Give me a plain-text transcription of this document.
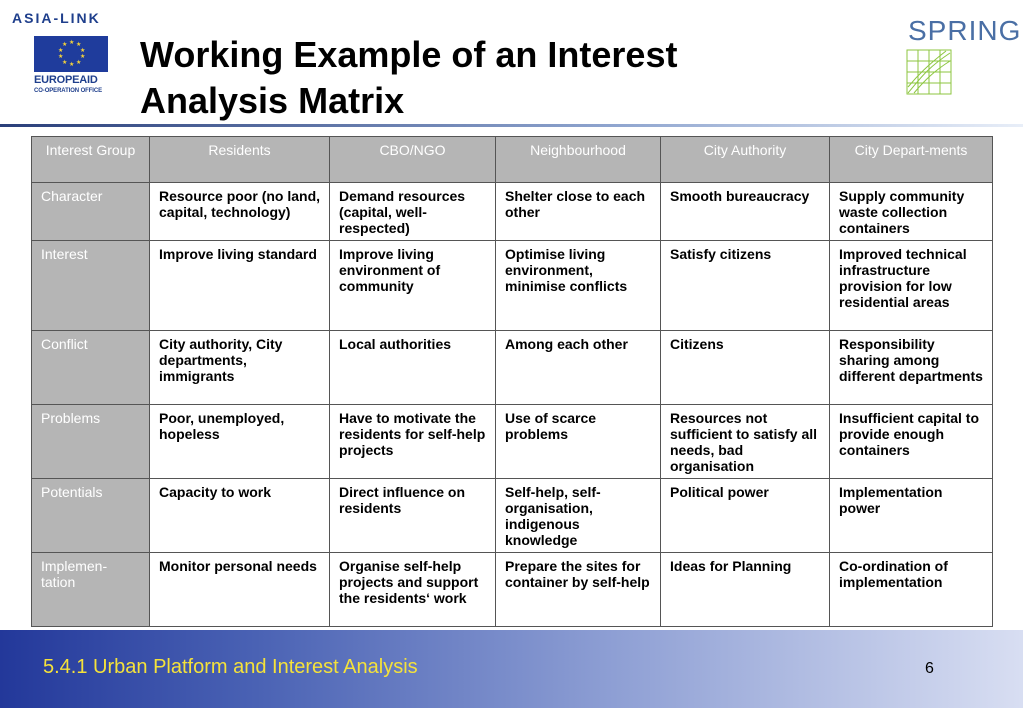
ASIA-LINK
★ ★
★
★
★
★
★
★
★
★
EUROPEAID
CO-OPERATION OFFICE
Working Example of an Interest
Analysis Matrix
SPRING
Interest Group	Residents	CBO/NGO	Neighbourhood	City Authority	City Depart-ments
Character	Resource poor (no land, capital, technology)	Demand resources (capital, well-respected)	Shelter close to each other	Smooth bureaucracy	Supply community waste collection containers
Interest	Improve living standard	Improve living environment of community	Optimise living environment, minimise conflicts	Satisfy citizens	Improved technical infrastructure provision for low residential areas
Conflict	City authority, City departments, immigrants	Local authorities	Among each other	Citizens	Responsibility sharing among different departments
Problems	Poor, unemployed, hopeless	Have to motivate the residents for self-help projects	Use of scarce problems	Resources not sufficient to satisfy all needs, bad organisation	Insufficient capital to provide enough containers
Potentials	Capacity to work	Direct influence on residents	Self-help, self-organisation, indigenous knowledge	Political power	Implementation power
Implemen-tation	Monitor personal needs	Organise self-help projects and support the residents‘ work	Prepare the sites for container by self-help	Ideas for Planning	Co-ordination of implementation
5.4.1 Urban Platform and Interest Analysis	6
